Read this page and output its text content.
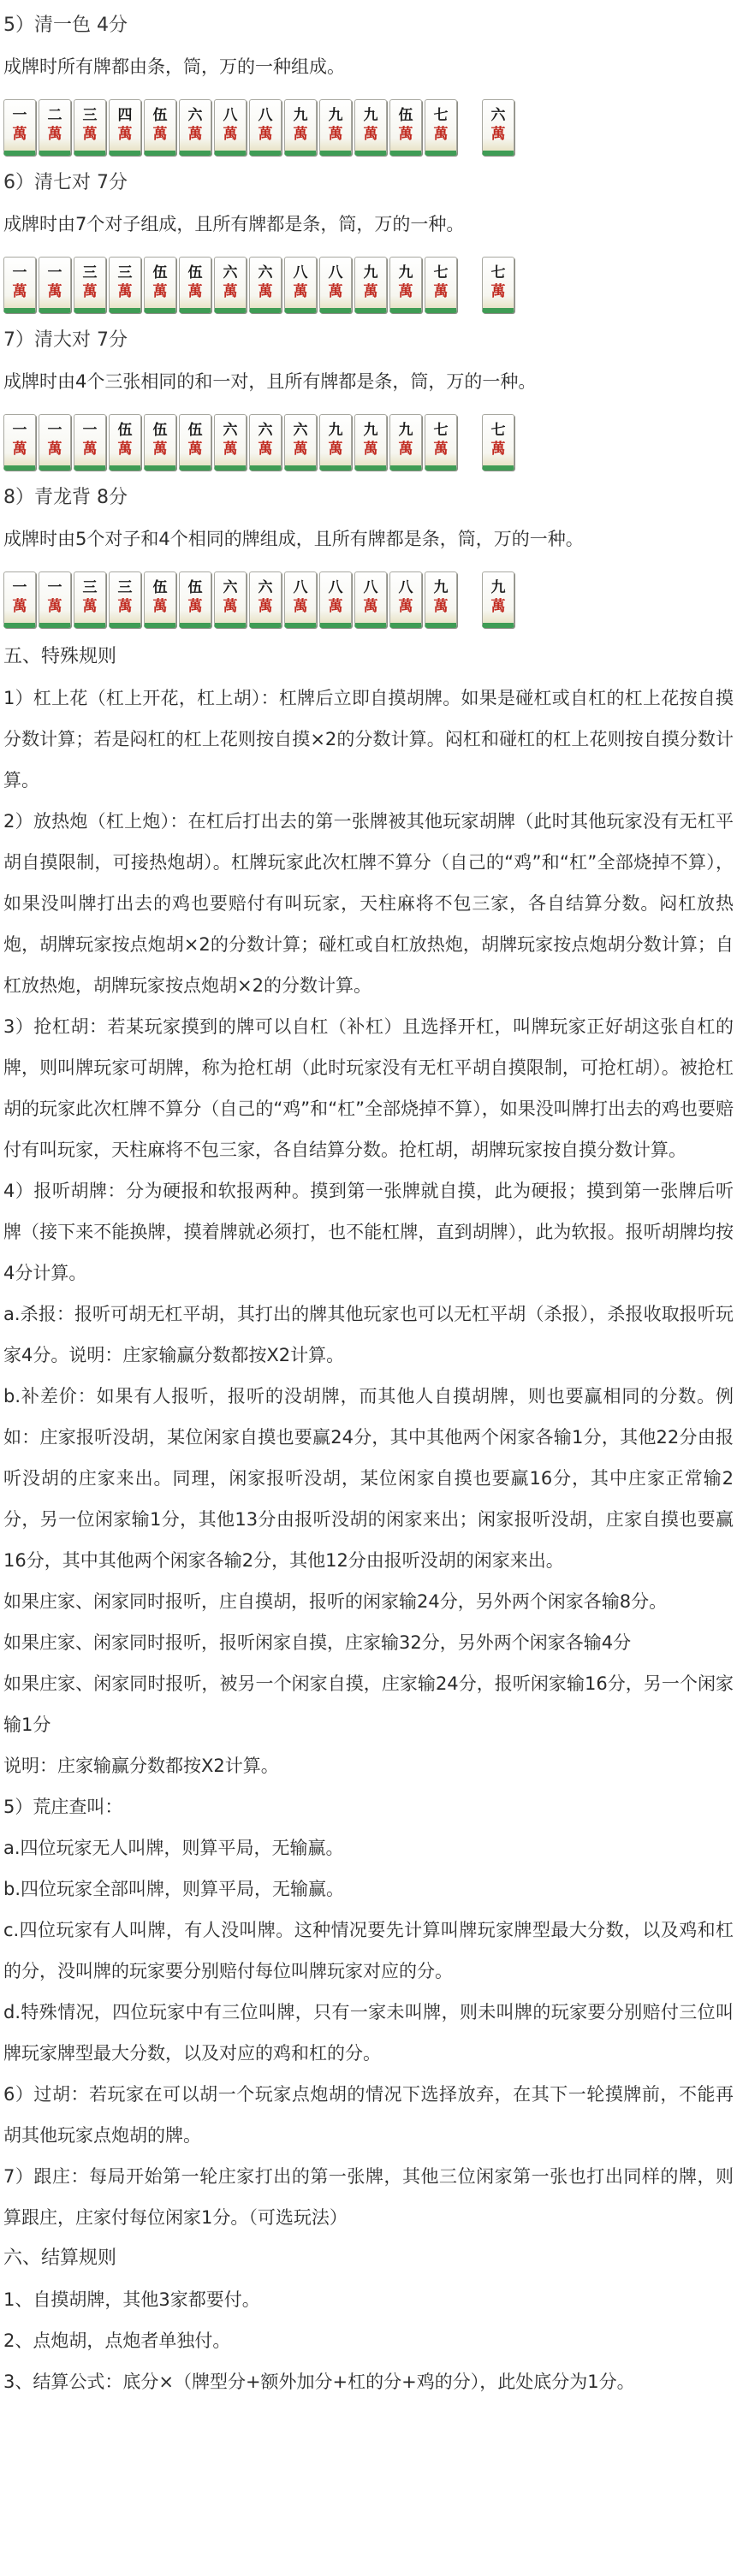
5）清一色 4分
成牌时所有牌都由条，筒，万的一种组成。
一
萬
二
萬
三
萬
四
萬
伍
萬
六
萬
八
萬
八
萬
九
萬
九
萬
九
萬
伍
萬
七
萬
六
萬
6）清七对 7分
成牌时由7个对子组成，且所有牌都是条，筒，万的一种。
一
萬
一
萬
三
萬
三
萬
伍
萬
伍
萬
六
萬
六
萬
八
萬
八
萬
九
萬
九
萬
七
萬
七
萬
7）清大对 7分
成牌时由4个三张相同的和一对，且所有牌都是条，筒，万的一种。
一
萬
一
萬
一
萬
伍
萬
伍
萬
伍
萬
六
萬
六
萬
六
萬
九
萬
九
萬
九
萬
七
萬
七
萬
8）青龙背 8分
成牌时由5个对子和4个相同的牌组成，且所有牌都是条，筒，万的一种。
一
萬
一
萬
三
萬
三
萬
伍
萬
伍
萬
六
萬
六
萬
八
萬
八
萬
八
萬
八
萬
九
萬
九
萬
五、特殊规则
1）杠上花（杠上开花，杠上胡）：杠牌后立即自摸胡牌。如果是碰杠或自杠的杠上花按自摸分数计算；若是闷杠的杠上花则按自摸×2的分数计算。闷杠和碰杠的杠上花则按自摸分数计算。
2）放热炮（杠上炮）：在杠后打出去的第一张牌被其他玩家胡牌（此时其他玩家没有无杠平胡自摸限制，可接热炮胡）。杠牌玩家此次杠牌不算分（自己的“鸡”和“杠”全部烧掉不算），如果没叫牌打出去的鸡也要赔付有叫玩家，天柱麻将不包三家，各自结算分数。闷杠放热炮，胡牌玩家按点炮胡×2的分数计算；碰杠或自杠放热炮，胡牌玩家按点炮胡分数计算；自杠放热炮，胡牌玩家按点炮胡×2的分数计算。
3）抢杠胡：若某玩家摸到的牌可以自杠（补杠）且选择开杠，叫牌玩家正好胡这张自杠的牌，则叫牌玩家可胡牌，称为抢杠胡（此时玩家没有无杠平胡自摸限制，可抢杠胡）。被抢杠胡的玩家此次杠牌不算分（自己的“鸡”和“杠”全部烧掉不算），如果没叫牌打出去的鸡也要赔付有叫玩家，天柱麻将不包三家，各自结算分数。抢杠胡，胡牌玩家按自摸分数计算。
4）报听胡牌：分为硬报和软报两种。摸到第一张牌就自摸，此为硬报；摸到第一张牌后听牌（接下来不能换牌，摸着牌就必须打，也不能杠牌，直到胡牌），此为软报。报听胡牌均按4分计算。
a.杀报：报听可胡无杠平胡，其打出的牌其他玩家也可以无杠平胡（杀报），杀报收取报听玩家4分。说明：庄家输赢分数都按X2计算。
b.补差价：如果有人报听，报听的没胡牌，而其他人自摸胡牌，则也要赢相同的分数。例如：庄家报听没胡，某位闲家自摸也要赢24分，其中其他两个闲家各输1分，其他22分由报听没胡的庄家来出。同理，闲家报听没胡，某位闲家自摸也要赢16分，其中庄家正常输2分，另一位闲家输1分，其他13分由报听没胡的闲家来出；闲家报听没胡，庄家自摸也要赢16分，其中其他两个闲家各输2分，其他12分由报听没胡的闲家来出。
如果庄家、闲家同时报听，庄自摸胡，报听的闲家输24分，另外两个闲家各输8分。
如果庄家、闲家同时报听，报听闲家自摸，庄家输32分，另外两个闲家各输4分
如果庄家、闲家同时报听，被另一个闲家自摸，庄家输24分，报听闲家输16分，另一个闲家输1分
说明：庄家输赢分数都按X2计算。
5）荒庄查叫：
a.四位玩家无人叫牌，则算平局，无输赢。
b.四位玩家全部叫牌，则算平局，无输赢。
c.四位玩家有人叫牌，有人没叫牌。这种情况要先计算叫牌玩家牌型最大分数，以及鸡和杠的分，没叫牌的玩家要分别赔付每位叫牌玩家对应的分。
d.特殊情况，四位玩家中有三位叫牌，只有一家未叫牌，则未叫牌的玩家要分别赔付三位叫牌玩家牌型最大分数，以及对应的鸡和杠的分。
6）过胡：若玩家在可以胡一个玩家点炮胡的情况下选择放弃，在其下一轮摸牌前，不能再胡其他玩家点炮胡的牌。
7）跟庄：每局开始第一轮庄家打出的第一张牌，其他三位闲家第一张也打出同样的牌，则算跟庄，庄家付每位闲家1分。（可选玩法）
六、结算规则
1、自摸胡牌，其他3家都要付。
2、点炮胡，点炮者单独付。
3、结算公式：底分×（牌型分+额外加分+杠的分+鸡的分），此处底分为1分。
